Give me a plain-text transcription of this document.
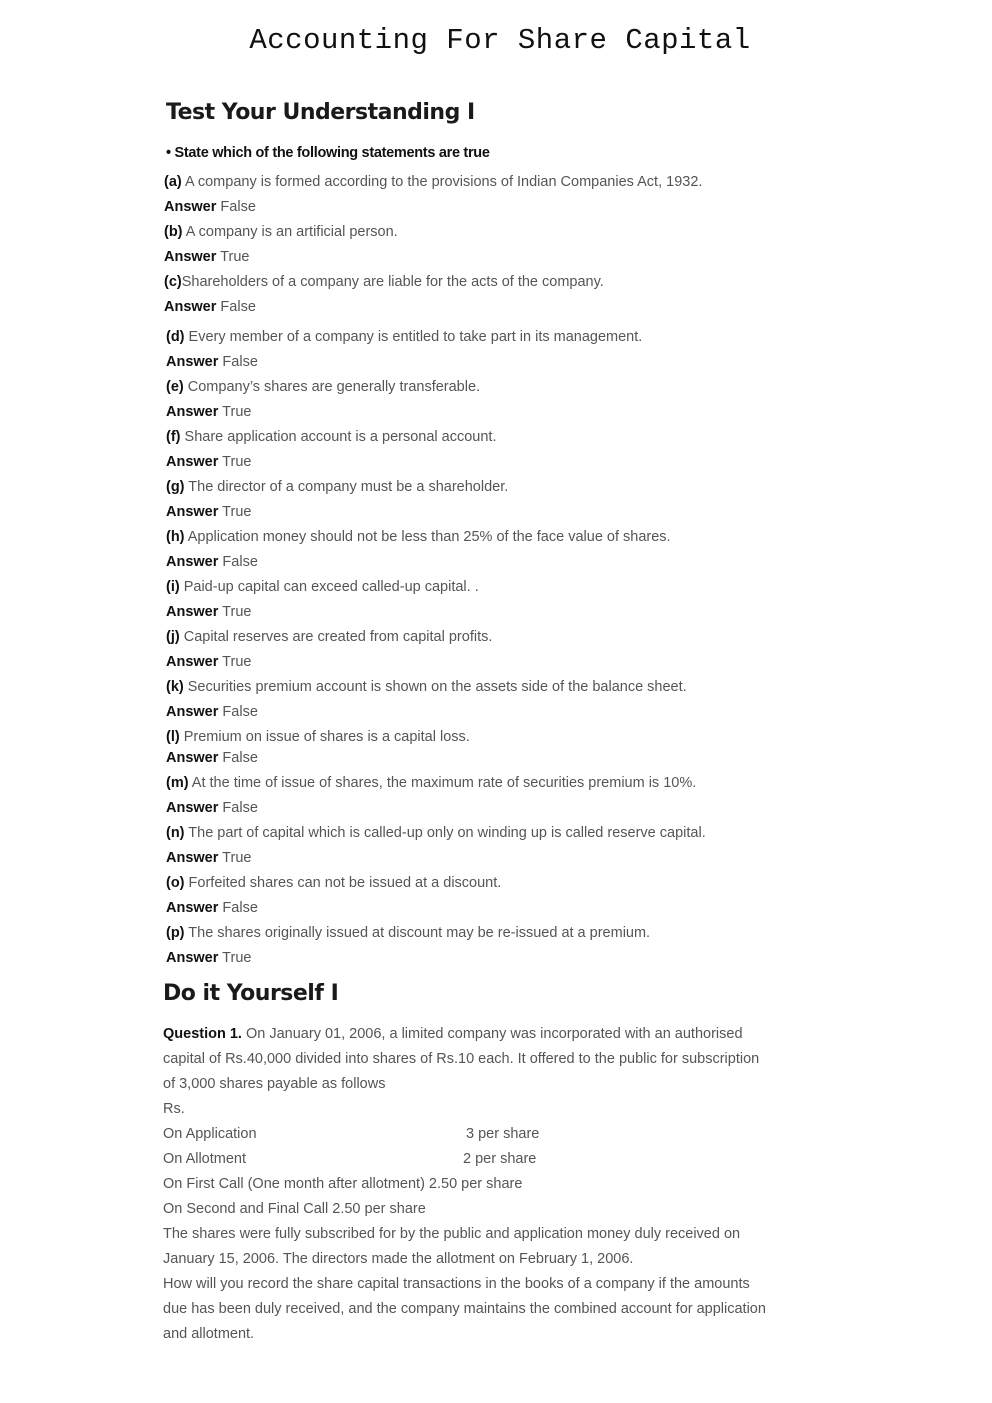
Accounting For Share Capital
Test Your Understanding I
• State which of the following statements are true
(a) A company is formed according to the provisions of Indian Companies Act, 1932.
Answer False
(b) A company is an artificial person.
Answer True
(c)Shareholders of a company are liable for the acts of the company.
Answer False
(d) Every member of a company is entitled to take part in its management.
Answer False
(e) Company’s shares are generally transferable.
Answer True
(f) Share application account is a personal account.
Answer True
(g) The director of a company must be a shareholder.
Answer True
(h) Application money should not be less than 25% of the face value of shares.
Answer False
(i) Paid-up capital can exceed called-up capital. .
Answer True
(j) Capital reserves are created from capital profits.
Answer True
(k) Securities premium account is shown on the assets side of the balance sheet.
Answer False
(l) Premium on issue of shares is a capital loss.
Answer False
(m) At the time of issue of shares, the maximum rate of securities premium is 10%.
Answer False
(n) The part of capital which is called-up only on winding up is called reserve capital.
Answer True
(o) Forfeited shares can not be issued at a discount.
Answer False
(p) The shares originally issued at discount may be re-issued at a premium.
Answer True
Do it Yourself I
Question 1. On January 01, 2006, a limited company was incorporated with an authorised
capital of Rs.40,000 divided into shares of Rs.10 each. It offered to the public for subscription
of 3,000 shares payable as follows
Rs.
On Application	3 per share
On Allotment	2 per share
On First Call (One month after allotment) 2.50 per share
On Second and Final Call 2.50 per share
The shares were fully subscribed for by the public and application money duly received on
January 15, 2006. The directors made the allotment on February 1, 2006.
How will you record the share capital transactions in the books of a company if the amounts
due has been duly received, and the company maintains the combined account for application
and allotment.
